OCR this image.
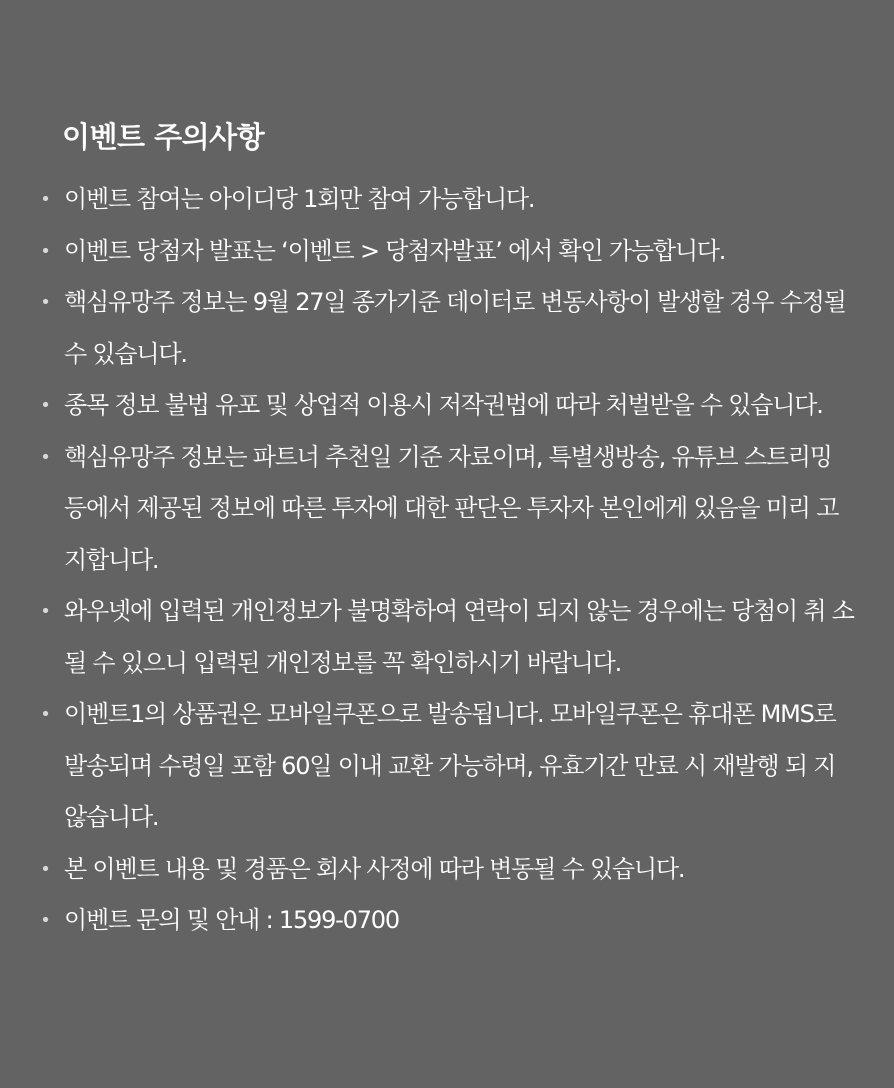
이벤트 주의사항
• 이벤트 참여는 아이디당 1회만 참여 가능합니다.
• 이벤트 당첨자 발표는 ‘이벤트 > 당첨자발표’ 에서 확인 가능합니다.
• 핵심유망주 정보는 9월 27일 종가기준 데이터로 변동사항이 발생할 경우 수정될 수 있습니다.
• 종목 정보 불법 유포 및 상업적 이용시 저작권법에 따라 처벌받을 수 있습니다.
• 핵심유망주 정보는 파트너 추천일 기준 자료이며, 특별생방송, 유튜브 스트리밍 등에서 제공된 정보에 따른 투자에 대한 판단은 투자자 본인에게 있음을 미리 고 지합니다.
• 와우넷에 입력된 개인정보가 불명확하여 연락이 되지 않는 경우에는 당첨이 취 소 될 수 있으니 입력된 개인정보를 꼭 확인하시기 바랍니다.
• 이벤트1의 상품권은 모바일쿠폰으로 발송됩니다. 모바일쿠폰은 휴대폰 MMS로 발송되며 수령일 포함 60일 이내 교환 가능하며, 유효기간 만료 시 재발행 되 지 않습니다.
• 본 이벤트 내용 및 경품은 회사 사정에 따라 변동될 수 있습니다.
• 이벤트 문의 및 안내 : 1599-0700
